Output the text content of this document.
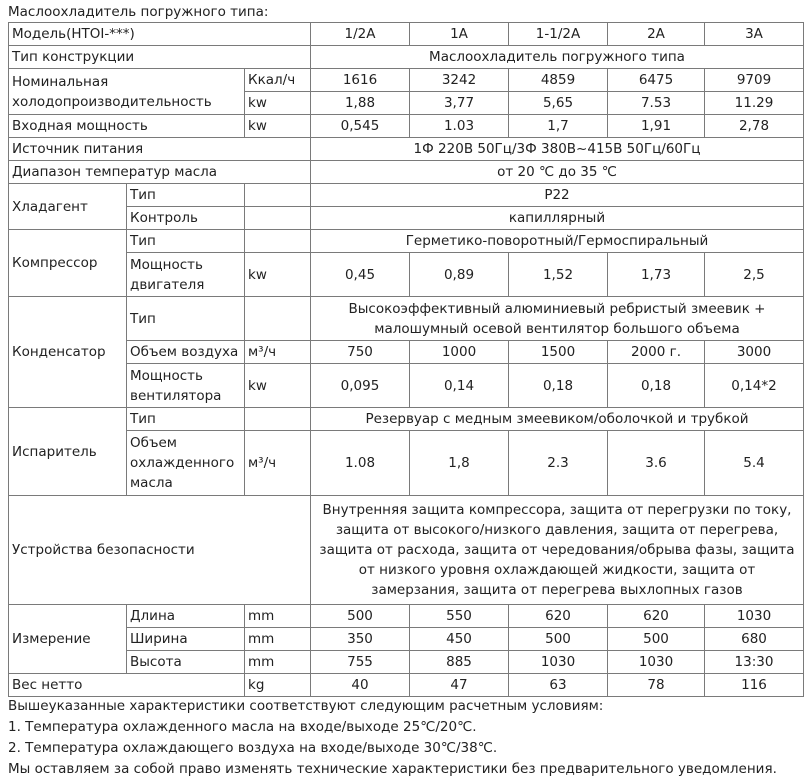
Маслоохладитель погружного типа:
Модель(HTOI-***)			1/2A	1A	1-1/2A	2A	3A
Тип конструкции			Маслоохладитель погружного типа				
Номинальная холодопроизводительность		Ккал/ч	1616	3242	4859	6475	9709
		kw	1,88	3,77	5,65	7.53	11.29
Входная мощность		kw	0,545	1.03	1,7	1,91	2,78
Источник питания			1Ф 220В 50Гц/3Ф 380В~415В 50Гц/60Гц				
Диапазон температур масла			от 20 ℃ до 35 ℃				
Хладагент	Тип		P22				
	Контроль		капиллярный				
Компрессор	Тип		Герметико-поворотный/Гермоспиральный				
	Мощность двигателя	kw	0,45	0,89	1,52	1,73	2,5
Конденсатор	Тип		Высокоэффективный алюминиевый ребристый змеевик + малошумный осевой вентилятор большого объема				
	Объем воздуха	м³/ч	750	1000	1500	2000 г.	3000
	Мощность вентилятора	kw	0,095	0,14	0,18	0,18	0,14*2
Испаритель	Тип		Резервуар с медным змеевиком/оболочкой и трубкой				
	Объем охлажденного масла	м³/ч	1.08	1,8	2.3	3.6	5.4
Устройства безопасности			Внутренняя защита компрессора, защита от перегрузки по току, защита от высокого/низкого давления, защита от перегрева, защита от расхода, защита от чередования/обрыва фазы, защита от низкого уровня охлаждающей жидкости, защита от замерзания, защита от перегрева выхлопных газов				
Измерение	Длина	mm	500	550	620	620	1030
	Ширина	mm	350	450	500	500	680
	Высота	mm	755	885	1030	1030	13:30
Вес нетто		kg	40	47	63	78	116
Вышеуказанные характеристики соответствуют следующим расчетным условиям:
1. Температура охлажденного масла на входе/выходе 25℃/20℃.
2. Температура охлаждающего воздуха на входе/выходе 30℃/38℃.
Мы оставляем за собой право изменять технические характеристики без предварительного уведомления.
